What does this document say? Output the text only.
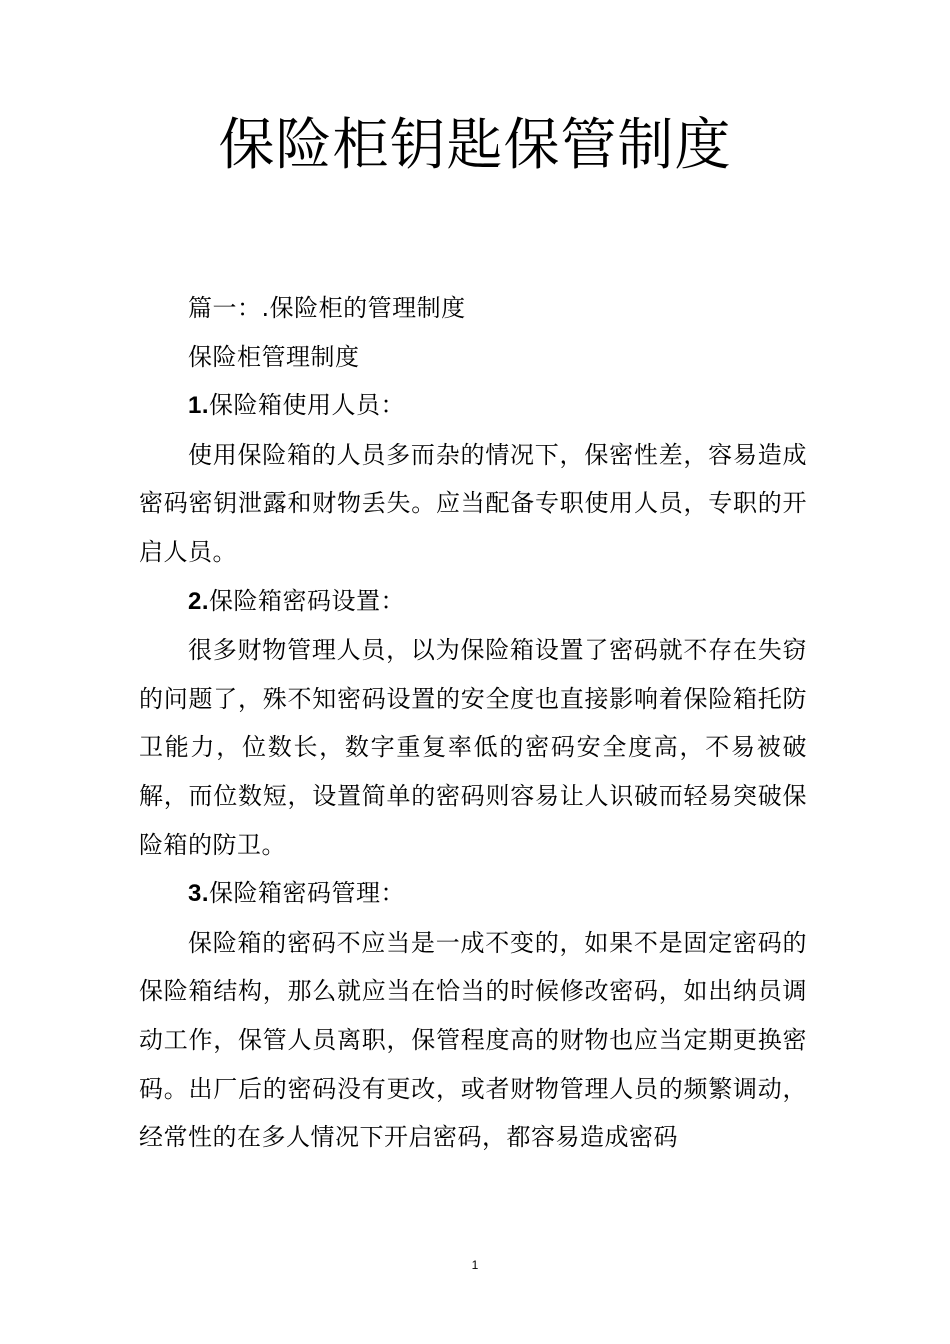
保险柜钥匙保管制度

篇一：.保险柜的管理制度

保险柜管理制度

1.保险箱使用人员：

使用保险箱的人员多而杂的情况下，保密性差，容易造成密码密钥泄露和财物丢失。应当配备专职使用人员，专职的开启人员。

2.保险箱密码设置：

很多财物管理人员，以为保险箱设置了密码就不存在失窃的问题了，殊不知密码设置的安全度也直接影响着保险箱托防卫能力，位数长，数字重复率低的密码安全度高，不易被破解，而位数短，设置简单的密码则容易让人识破而轻易突破保险箱的防卫。

3.保险箱密码管理：

保险箱的密码不应当是一成不变的，如果不是固定密码的保险箱结构，那么就应当在恰当的时候修改密码，如出纳员调动工作，保管人员离职，保管程度高的财物也应当定期更换密码。出厂后的密码没有更改，或者财物管理人员的频繁调动，经常性的在多人情况下开启密码，都容易造成密码

1
